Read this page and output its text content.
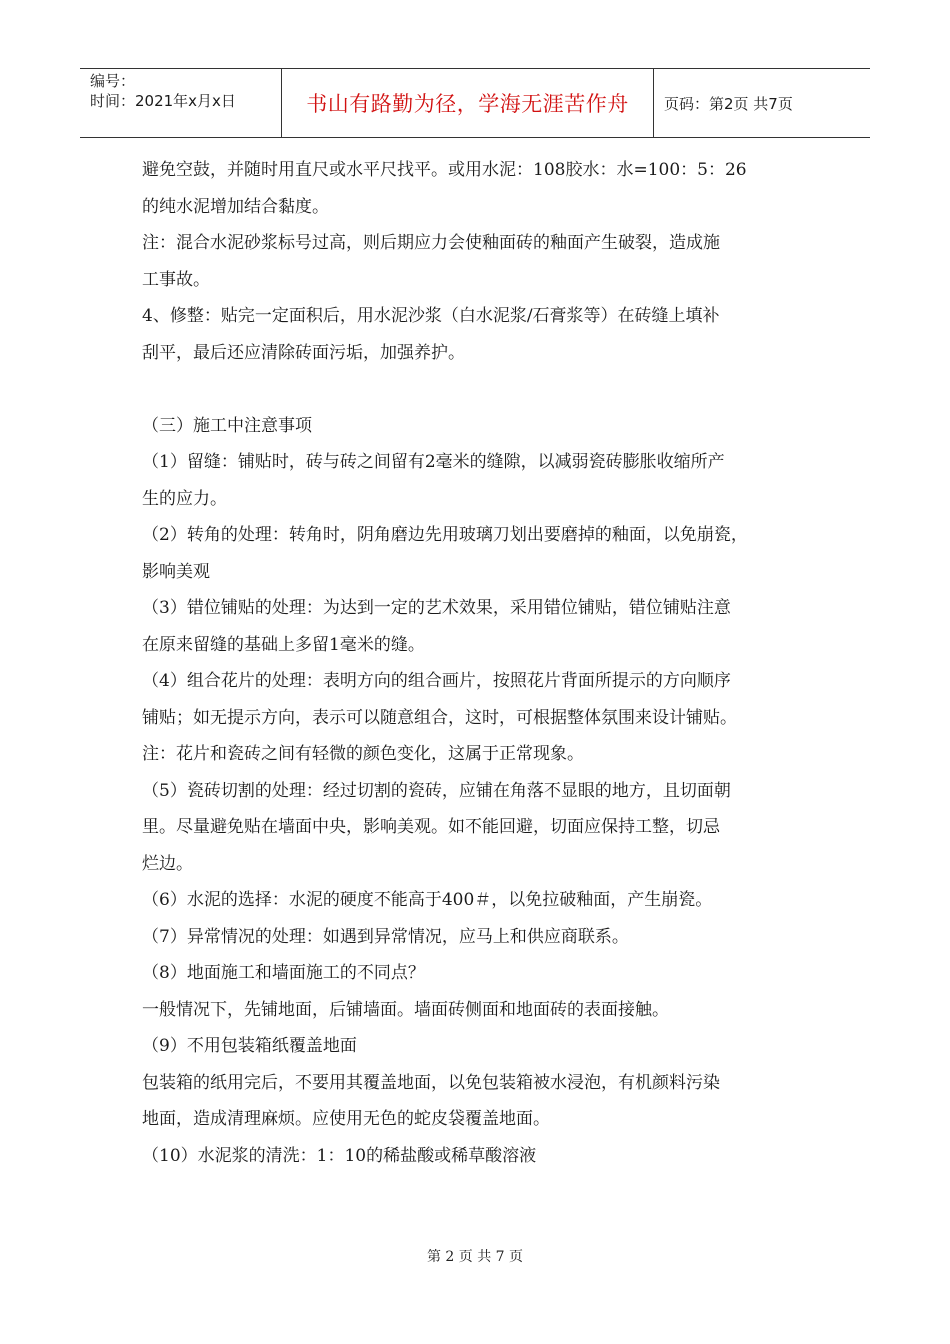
编号：
时间：2021年x月x日	书山有路勤为径，学海无涯苦作舟	页码：第2页 共7页
避免空鼓，并随时用直尺或水平尺找平。或用水泥：108胶水：水=100：5：26
的纯水泥增加结合黏度。
注：混合水泥砂浆标号过高，则后期应力会使釉面砖的釉面产生破裂，造成施
工事故。
4、修整：贴完一定面积后，用水泥沙浆（白水泥浆/石膏浆等）在砖缝上填补
刮平，最后还应清除砖面污垢，加强养护。
（三）施工中注意事项
（1）留缝：铺贴时，砖与砖之间留有2毫米的缝隙，以减弱瓷砖膨胀收缩所产
生的应力。
（2）转角的处理：转角时，阴角磨边先用玻璃刀划出要磨掉的釉面，以免崩瓷，
影响美观
（3）错位铺贴的处理：为达到一定的艺术效果，采用错位铺贴，错位铺贴注意
在原来留缝的基础上多留1毫米的缝。
（4）组合花片的处理：表明方向的组合画片，按照花片背面所提示的方向顺序
铺贴；如无提示方向，表示可以随意组合，这时，可根据整体氛围来设计铺贴。
注：花片和瓷砖之间有轻微的颜色变化，这属于正常现象。
（5）瓷砖切割的处理：经过切割的瓷砖，应铺在角落不显眼的地方，且切面朝
里。尽量避免贴在墙面中央，影响美观。如不能回避，切面应保持工整，切忌
烂边。
（6）水泥的选择：水泥的硬度不能高于400＃，以免拉破釉面，产生崩瓷。
（7）异常情况的处理：如遇到异常情况，应马上和供应商联系。
（8）地面施工和墙面施工的不同点？
一般情况下，先铺地面，后铺墙面。墙面砖侧面和地面砖的表面接触。
（9）不用包装箱纸覆盖地面
包装箱的纸用完后，不要用其覆盖地面，以免包装箱被水浸泡，有机颜料污染
地面，造成清理麻烦。应使用无色的蛇皮袋覆盖地面。
（10）水泥浆的清洗：1：10的稀盐酸或稀草酸溶液
第 2 页 共 7 页
